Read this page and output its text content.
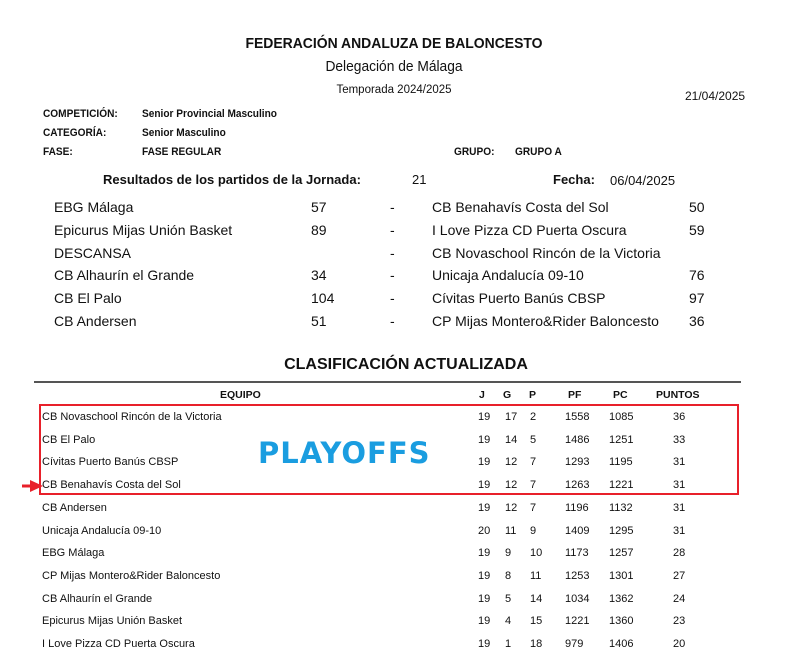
FEDERACIÓN ANDALUZA DE BALONCESTO
Delegación de Málaga
Temporada 2024/2025	21/04/2025
COMPETICIÓN: Senior Provincial Masculino
CATEGORÍA:	Senior Masculino
FASE:	FASE REGULAR	GRUPO: GRUPO A
Resultados de los partidos de la Jornada:	21	Fecha: 06/04/2025
EBG Málaga	57	-	CB Benahavís Costa del Sol	50
Epicurus Mijas Unión Basket	89	-	I Love Pizza CD Puerta Oscura	59
DESCANSA	-	CB Novaschool Rincón de la Victoria
CB Alhaurín el Grande	34	-	Unicaja Andalucía 09-10	76
CB El Palo	104	-	Cívitas Puerto Banús CBSP	97
CB Andersen	51	-	CP Mijas Montero&Rider Baloncesto 36
CLASIFICACIÓN ACTUALIZADA
EQUIPO	J G P	PF	PC	PUNTOS
CB Novaschool Rincón de la Victoria	19 17 2	1558 1085	36
CB El Palo	19 14 5	1486 1251	33
Cívitas Puerto Banús CBSP	19 12 7	1293 1195	31
CB Benahavís Costa del Sol	19 12 7	1263 1221	31
CB Andersen	19 12 7	1196 1132	31
Unicaja Andalucía 09-10	20 11 9	1409 1295	31
EBG Málaga	19 9 10 1173 1257	28
CP Mijas Montero&Rider Baloncesto	19 8 11 1253 1301	27
CB Alhaurín el Grande	19 5 14 1034 1362	24
Epicurus Mijas Unión Basket	19 4 15 1221 1360	23
I Love Pizza CD Puerta Oscura	19 1 18 979 1406	20
PLAYOFFS
